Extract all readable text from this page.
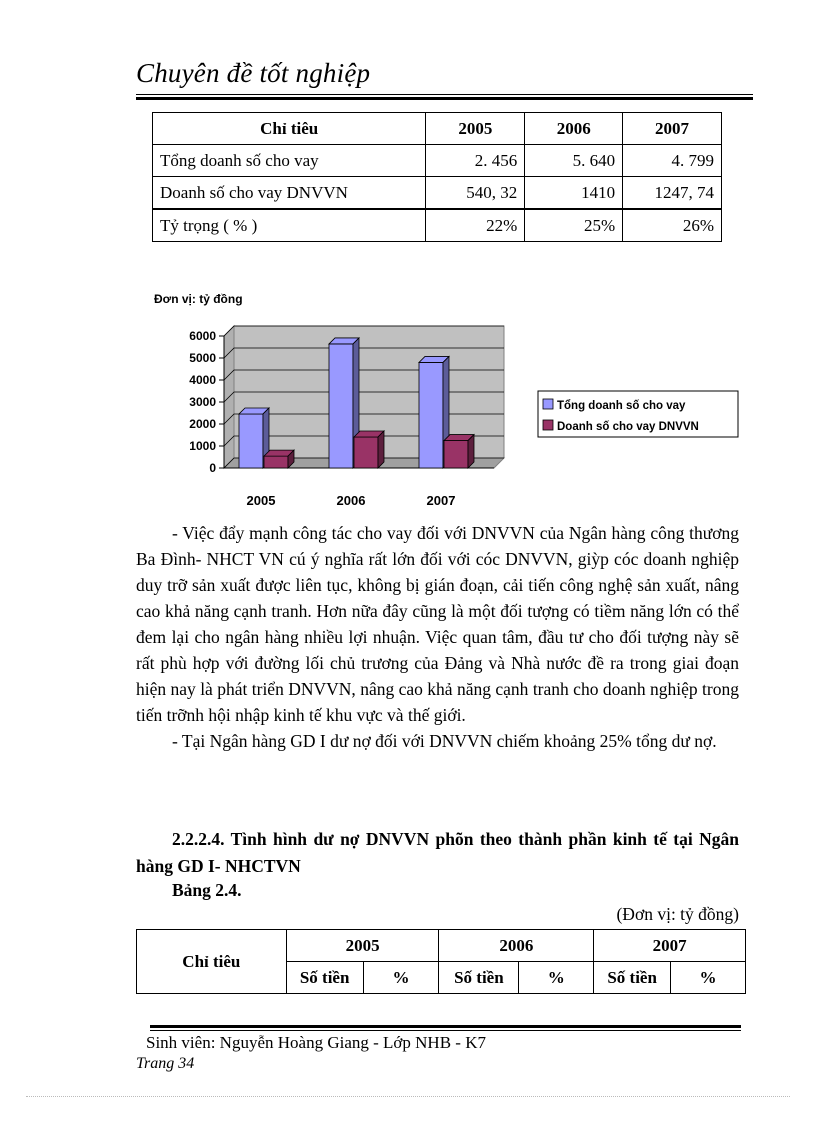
Chuyên đề tốt nghiệp
Chỉ tiêu	2005	2006	2007
Tổng doanh số cho vay	2. 456	5. 640	4. 799
Doanh số cho vay DNVVN	540, 32	1410	1247, 74
Tỷ trọng ( % )	22%	25%	26%
Đơn vị: tỷ đồng
0
1000
2000
3000
4000
5000
6000
2005	2006	2007
Tổng doanh số cho vay
Doanh số cho vay DNVVN

- Việc đẩy mạnh công tác cho vay đối với DNVVN của Ngân hàng công thương Ba Đình- NHCT VN cú ý nghĩa rất lớn đối với cóc DNVVN, giỳp cóc doanh nghiệp duy trỡ sản xuất được liên tục, không bị gián đoạn, cải tiến công nghệ sản xuất, nâng cao khả năng cạnh tranh. Hơn nữa đây cũng là một đối tượng có tiềm năng lớn có thể đem lại cho ngân hàng nhiều lợi nhuận. Việc quan tâm, đầu tư cho đối tượng này sẽ rất phù hợp với đường lối chủ trương của Đảng và Nhà nước đề ra trong giai đoạn hiện nay là phát triển DNVVN, nâng cao khả năng cạnh tranh cho doanh nghiệp trong tiến trỡnh hội nhập kinh tế khu vực và thế giới.

- Tại Ngân hàng GD I dư nợ đối với DNVVN chiếm khoảng 25% tổng dư nợ.

2.2.2.4. Tình hình dư nợ DNVVN phõn theo thành phần kinh tế tại Ngân hàng GD I- NHCTVN
Bảng 2.4.
(Đơn vị: tỷ đồng)
Chỉ tiêu	2005		2006		2007	
	Số tiền	%	Số tiền	%	Số tiền	%
Sinh viên: Nguyễn Hoàng Giang - Lớp NHB - K7
Trang 34
